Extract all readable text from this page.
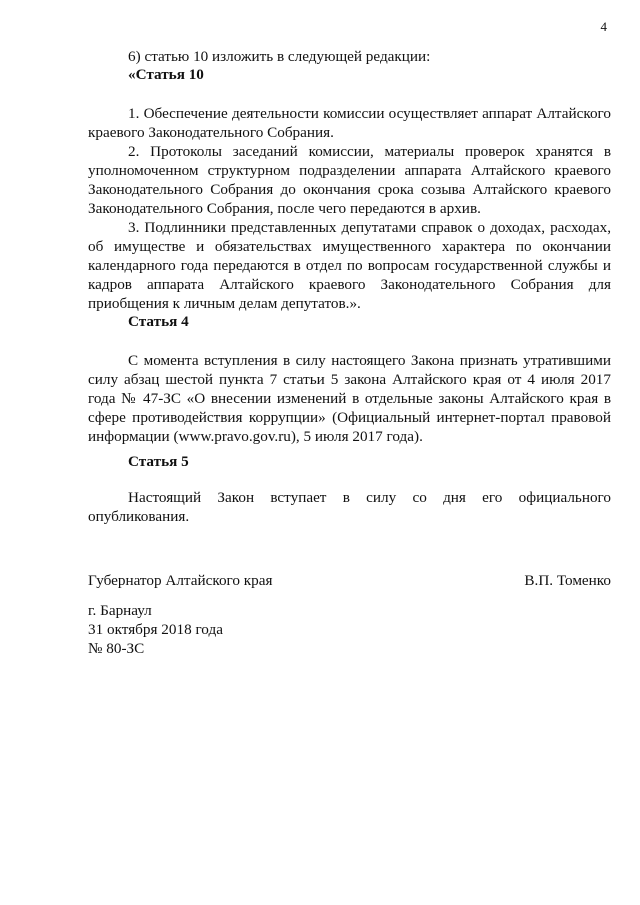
4

6) статью 10 изложить в следующей редакции:

«Статья 10

1. Обеспечение деятельности комиссии осуществляет аппарат Алтайского краевого Законодательного Собрания.

2. Протоколы заседаний комиссии, материалы проверок хранятся в уполномоченном структурном подразделении аппарата Алтайского краевого Законодательного Собрания до окончания срока созыва Алтайского краевого Законодательного Собрания, после чего передаются в архив.

3. Подлинники представленных депутатами справок о доходах, расходах, об имуществе и обязательствах имущественного характера по окончании календарного года передаются в отдел по вопросам государственной службы и кадров аппарата Алтайского краевого Законодательного Собрания для приобщения к личным делам депутатов.».

Статья 4

С момента вступления в силу настоящего Закона признать утратившими силу абзац шестой пункта 7 статьи 5 закона Алтайского края от 4 июля 2017 года № 47-ЗС «О внесении изменений в отдельные законы Алтайского края в сфере противодействия коррупции» (Официальный интернет-портал правовой информации (www.pravo.gov.ru), 5 июля 2017 года).

Статья 5

Настоящий Закон вступает в силу со дня его официального опубликования.

Губернатор Алтайского края	В.П. Томенко
г. Барнаул
31 октября 2018 года
№ 80-ЗС
